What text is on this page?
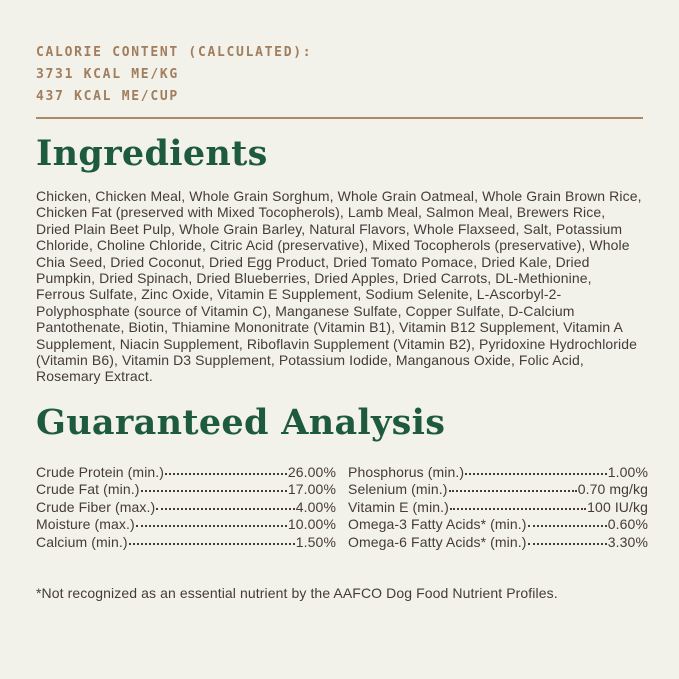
CALORIE CONTENT (CALCULATED):
3731 KCAL ME/KG
437 KCAL ME/CUP
Ingredients

Chicken, Chicken Meal, Whole Grain Sorghum, Whole Grain Oatmeal, Whole Grain Brown Rice, Chicken Fat (preserved with Mixed Tocopherols), Lamb Meal, Salmon Meal, Brewers Rice, Dried Plain Beet Pulp, Whole Grain Barley, Natural Flavors, Whole Flaxseed, Salt, Potassium Chloride, Choline Chloride, Citric Acid (preservative), Mixed Tocopherols (preservative), Whole Chia Seed, Dried Coconut, Dried Egg Product, Dried Tomato Pomace, Dried Kale, Dried Pumpkin, Dried Spinach, Dried Blueberries, Dried Apples, Dried Carrots, DL-Methionine, Ferrous Sulfate, Zinc Oxide, Vitamin E Supplement, Sodium Selenite, L-Ascorbyl-2-Polyphosphate (source of Vitamin C), Manganese Sulfate, Copper Sulfate, D-Calcium Pantothenate, Biotin, Thiamine Mononitrate (Vitamin B1), Vitamin B12 Supplement, Vitamin A Supplement, Niacin Supplement, Riboflavin Supplement (Vitamin B2), Pyridoxine Hydrochloride (Vitamin B6), Vitamin D3 Supplement, Potassium Iodide, Manganous Oxide, Folic Acid, Rosemary Extract.

Guaranteed Analysis
Crude Protein (min.)	26.00%
Crude Fat (min.)	17.00%
Crude Fiber (max.)	4.00%
Moisture (max.)	10.00%
Calcium (min.)	1.50%
Phosphorus (min.)	1.00%
Selenium (min.)	0.70 mg/kg
Vitamin E (min.)	100 IU/kg
Omega-3 Fatty Acids* (min.)	0.60%
Omega-6 Fatty Acids* (min.)	3.30%

*Not recognized as an essential nutrient by the AAFCO Dog Food Nutrient Profiles.
